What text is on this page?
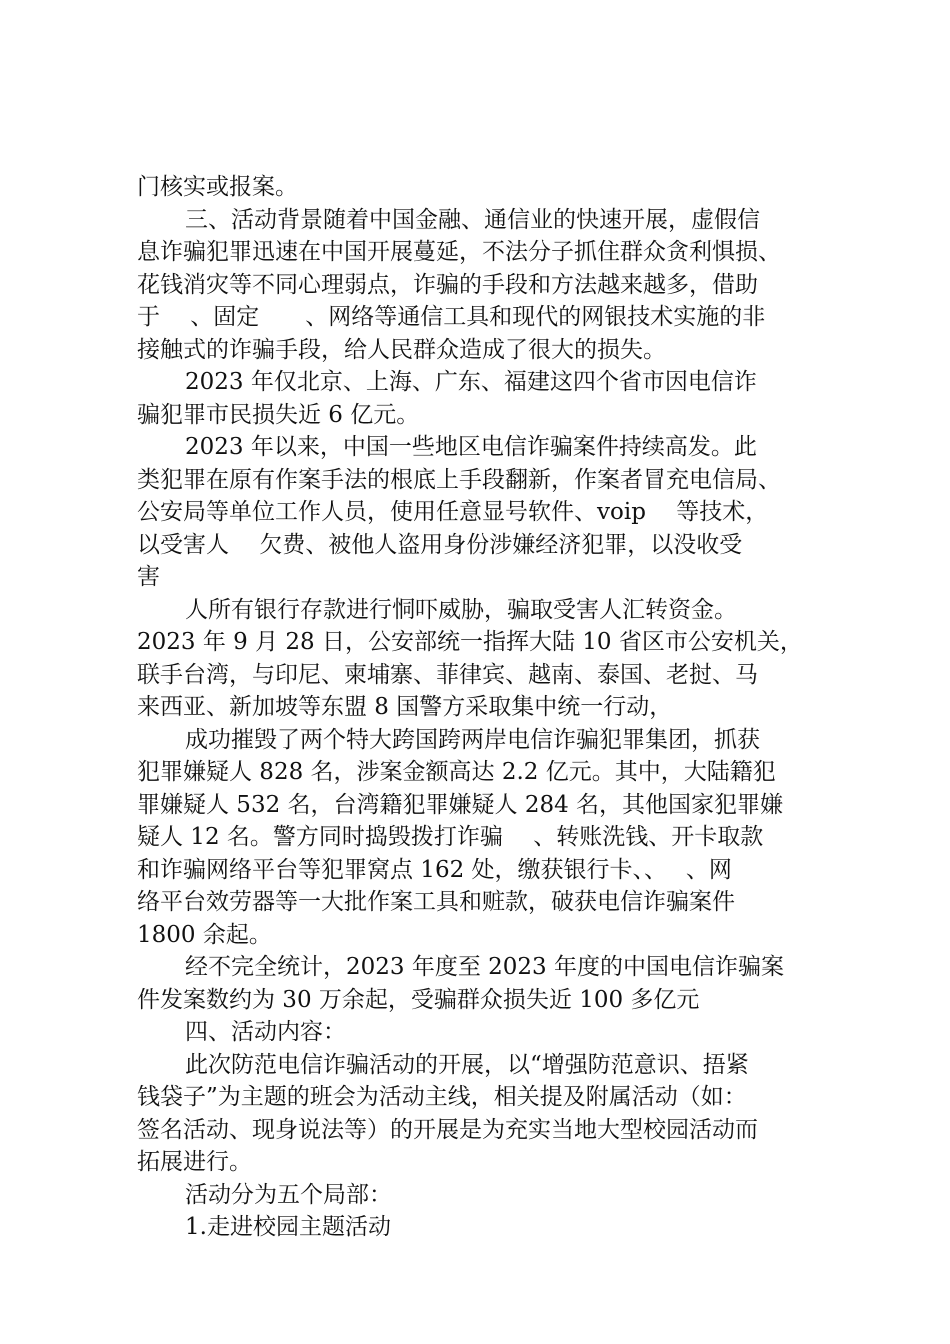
门核实或报案。

三、活动背景随着中国金融、通信业的快速开展，虚假信

息诈骗犯罪迅速在中国开展蔓延，不法分子抓住群众贪利惧损、

花钱消灾等不同心理弱点，诈骗的手段和方法越来越多，借助

于　 、固定　　、网络等通信工具和现代的网银技术实施的非

接触式的诈骗手段，给人民群众造成了很大的损失。

2023 年仅北京、上海、广东、福建这四个省市因电信诈

骗犯罪市民损失近 6 亿元。

2023 年以来，中国一些地区电信诈骗案件持续高发。此

类犯罪在原有作案手法的根底上手段翻新，作案者冒充电信局、

公安局等单位工作人员，使用任意显号软件、voip　 等技术，

以受害人　 欠费、被他人盗用身份涉嫌经济犯罪，以没收受

害

人所有银行存款进行恫吓威胁，骗取受害人汇转资金。

2023 年 9 月 28 日，公安部统一指挥大陆 10 省区市公安机关，

联手台湾，与印尼、柬埔寨、菲律宾、越南、泰国、老挝、马

来西亚、新加坡等东盟 8 国警方采取集中统一行动，

成功摧毁了两个特大跨国跨两岸电信诈骗犯罪集团，抓获

犯罪嫌疑人 828 名，涉案金额高达 2.2 亿元。其中，大陆籍犯

罪嫌疑人 532 名，台湾籍犯罪嫌疑人 284 名，其他国家犯罪嫌

疑人 12 名。警方同时捣毁拨打诈骗　 、转账洗钱、开卡取款

和诈骗网络平台等犯罪窝点 162 处，缴获银行卡、、　 、网

络平台效劳器等一大批作案工具和赃款，破获电信诈骗案件

1800 余起。

经不完全统计，2023 年度至 2023 年度的中国电信诈骗案

件发案数约为 30 万余起，受骗群众损失近 100 多亿元

四、活动内容：

此次防范电信诈骗活动的开展，以“增强防范意识、捂紧

钱袋子”为主题的班会为活动主线，相关提及附属活动（如：

签名活动、现身说法等）的开展是为充实当地大型校园活动而

拓展进行。

活动分为五个局部：

1.走进校园主题活动
